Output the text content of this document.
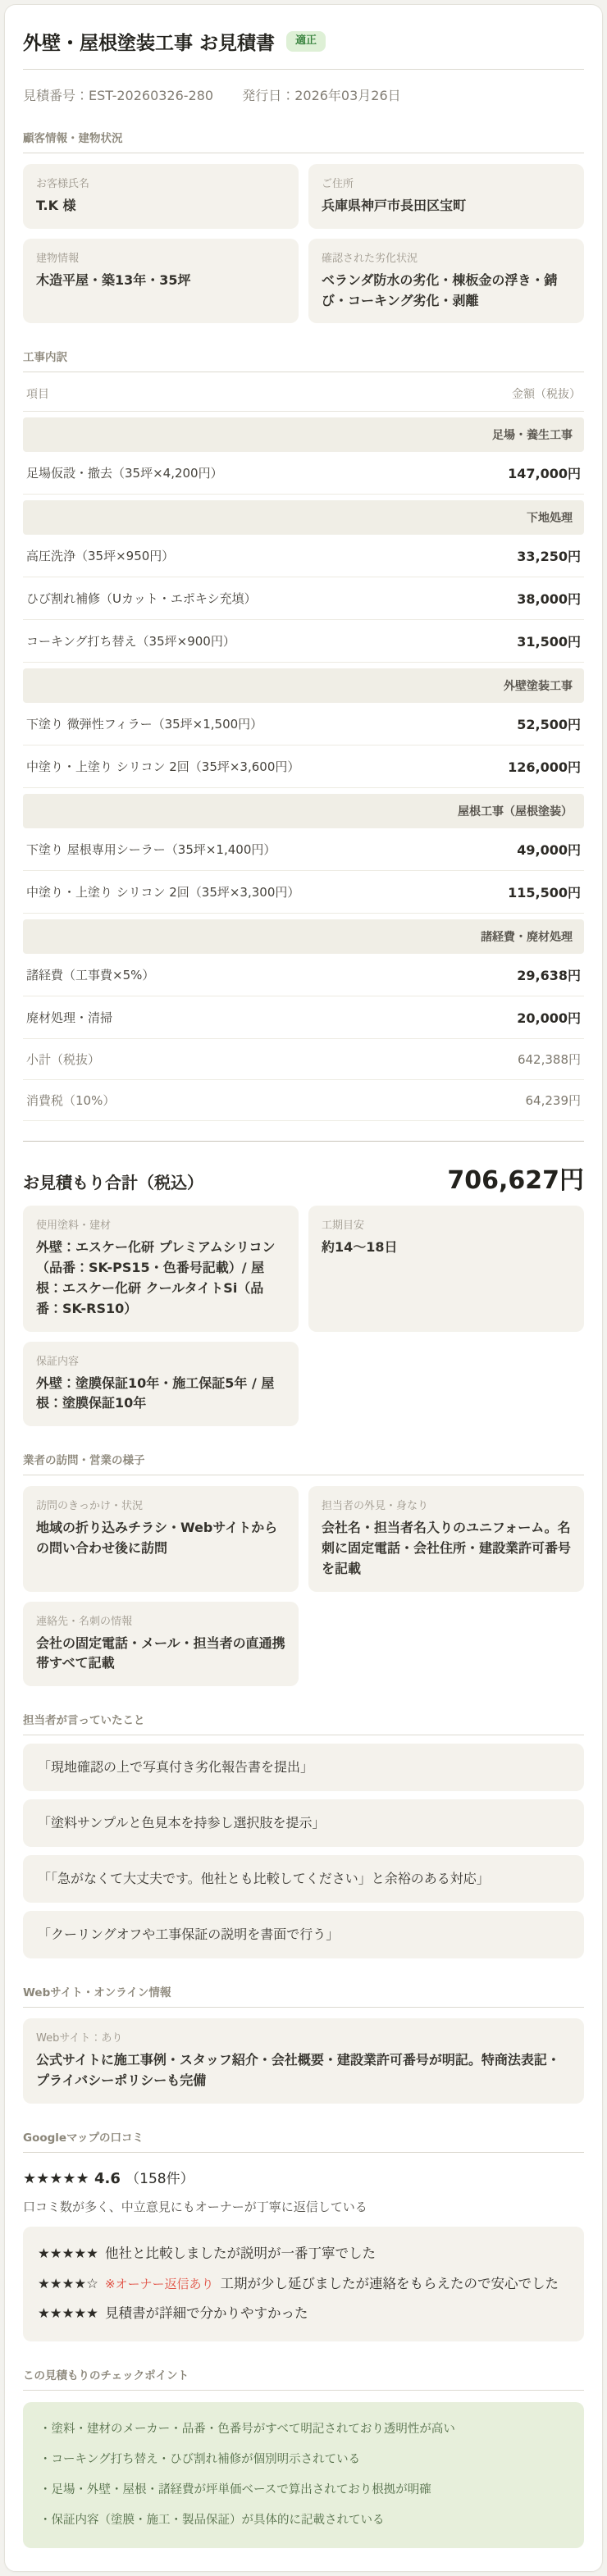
外壁・屋根塗装工事 お見積書	適正
見積番号：EST-20260326-280 発行日：2026年03月26日
顧客情報・建物状況
お客様氏名
T.K 様
ご住所
兵庫県神戸市長田区宝町
建物情報
木造平屋・築13年・35坪
確認された劣化状況
ベランダ防水の劣化・棟板金の浮き・錆び・コーキング劣化・剥離
工事内訳
項目	金額（税抜）
足場・養生工事
足場仮設・撤去（35坪×4,200円）	147,000円
下地処理
高圧洗浄（35坪×950円）	33,250円
ひび割れ補修（Uカット・エポキシ充填）	38,000円
コーキング打ち替え（35坪×900円）	31,500円
外壁塗装工事
下塗り 微弾性フィラー（35坪×1,500円）	52,500円
中塗り・上塗り シリコン 2回（35坪×3,600円）	126,000円
屋根工事（屋根塗装）
下塗り 屋根専用シーラー（35坪×1,400円）	49,000円
中塗り・上塗り シリコン 2回（35坪×3,300円）	115,500円
諸経費・廃材処理
諸経費（工事費×5%）	29,638円
廃材処理・清掃	20,000円
小計（税抜）	642,388円
消費税（10%）	64,239円
お見積もり合計（税込）	706,627円
使用塗料・建材
外壁：エスケー化研 プレミアムシリコン（品番：SK-PS15・色番号記載）/ 屋根：エスケー化研 クールタイトSi（品番：SK-RS10）
工期目安
約14〜18日
保証内容
外壁：塗膜保証10年・施工保証5年 / 屋根：塗膜保証10年
業者の訪問・営業の様子
訪問のきっかけ・状況
地域の折り込みチラシ・Webサイトからの問い合わせ後に訪問
担当者の外見・身なり
会社名・担当者名入りのユニフォーム。名刺に固定電話・会社住所・建設業許可番号を記載
連絡先・名刺の情報
会社の固定電話・メール・担当者の直通携帯すべて記載
担当者が言っていたこと
「現地確認の上で写真付き劣化報告書を提出」
「塗料サンプルと色見本を持参し選択肢を提示」
「「急がなくて大丈夫です。他社とも比較してください」と余裕のある対応」
「クーリングオフや工事保証の説明を書面で行う」
Webサイト・オンライン情報
Webサイト：あり
公式サイトに施工事例・スタッフ紹介・会社概要・建設業許可番号が明記。特商法表記・プライバシーポリシーも完備
Googleマップの口コミ
★★★★★ 4.6 （158件）
口コミ数が多く、中立意見にもオーナーが丁寧に返信している
★★★★★ 他社と比較しましたが説明が一番丁寧でした
★★★★☆ ※オーナー返信あり 工期が少し延びましたが連絡をもらえたので安心でした
★★★★★ 見積書が詳細で分かりやすかった
この見積もりのチェックポイント
・塗料・建材のメーカー・品番・色番号がすべて明記されており透明性が高い
・コーキング打ち替え・ひび割れ補修が個別明示されている
・足場・外壁・屋根・諸経費が坪単価ベースで算出されており根拠が明確
・保証内容（塗膜・施工・製品保証）が具体的に記載されている
